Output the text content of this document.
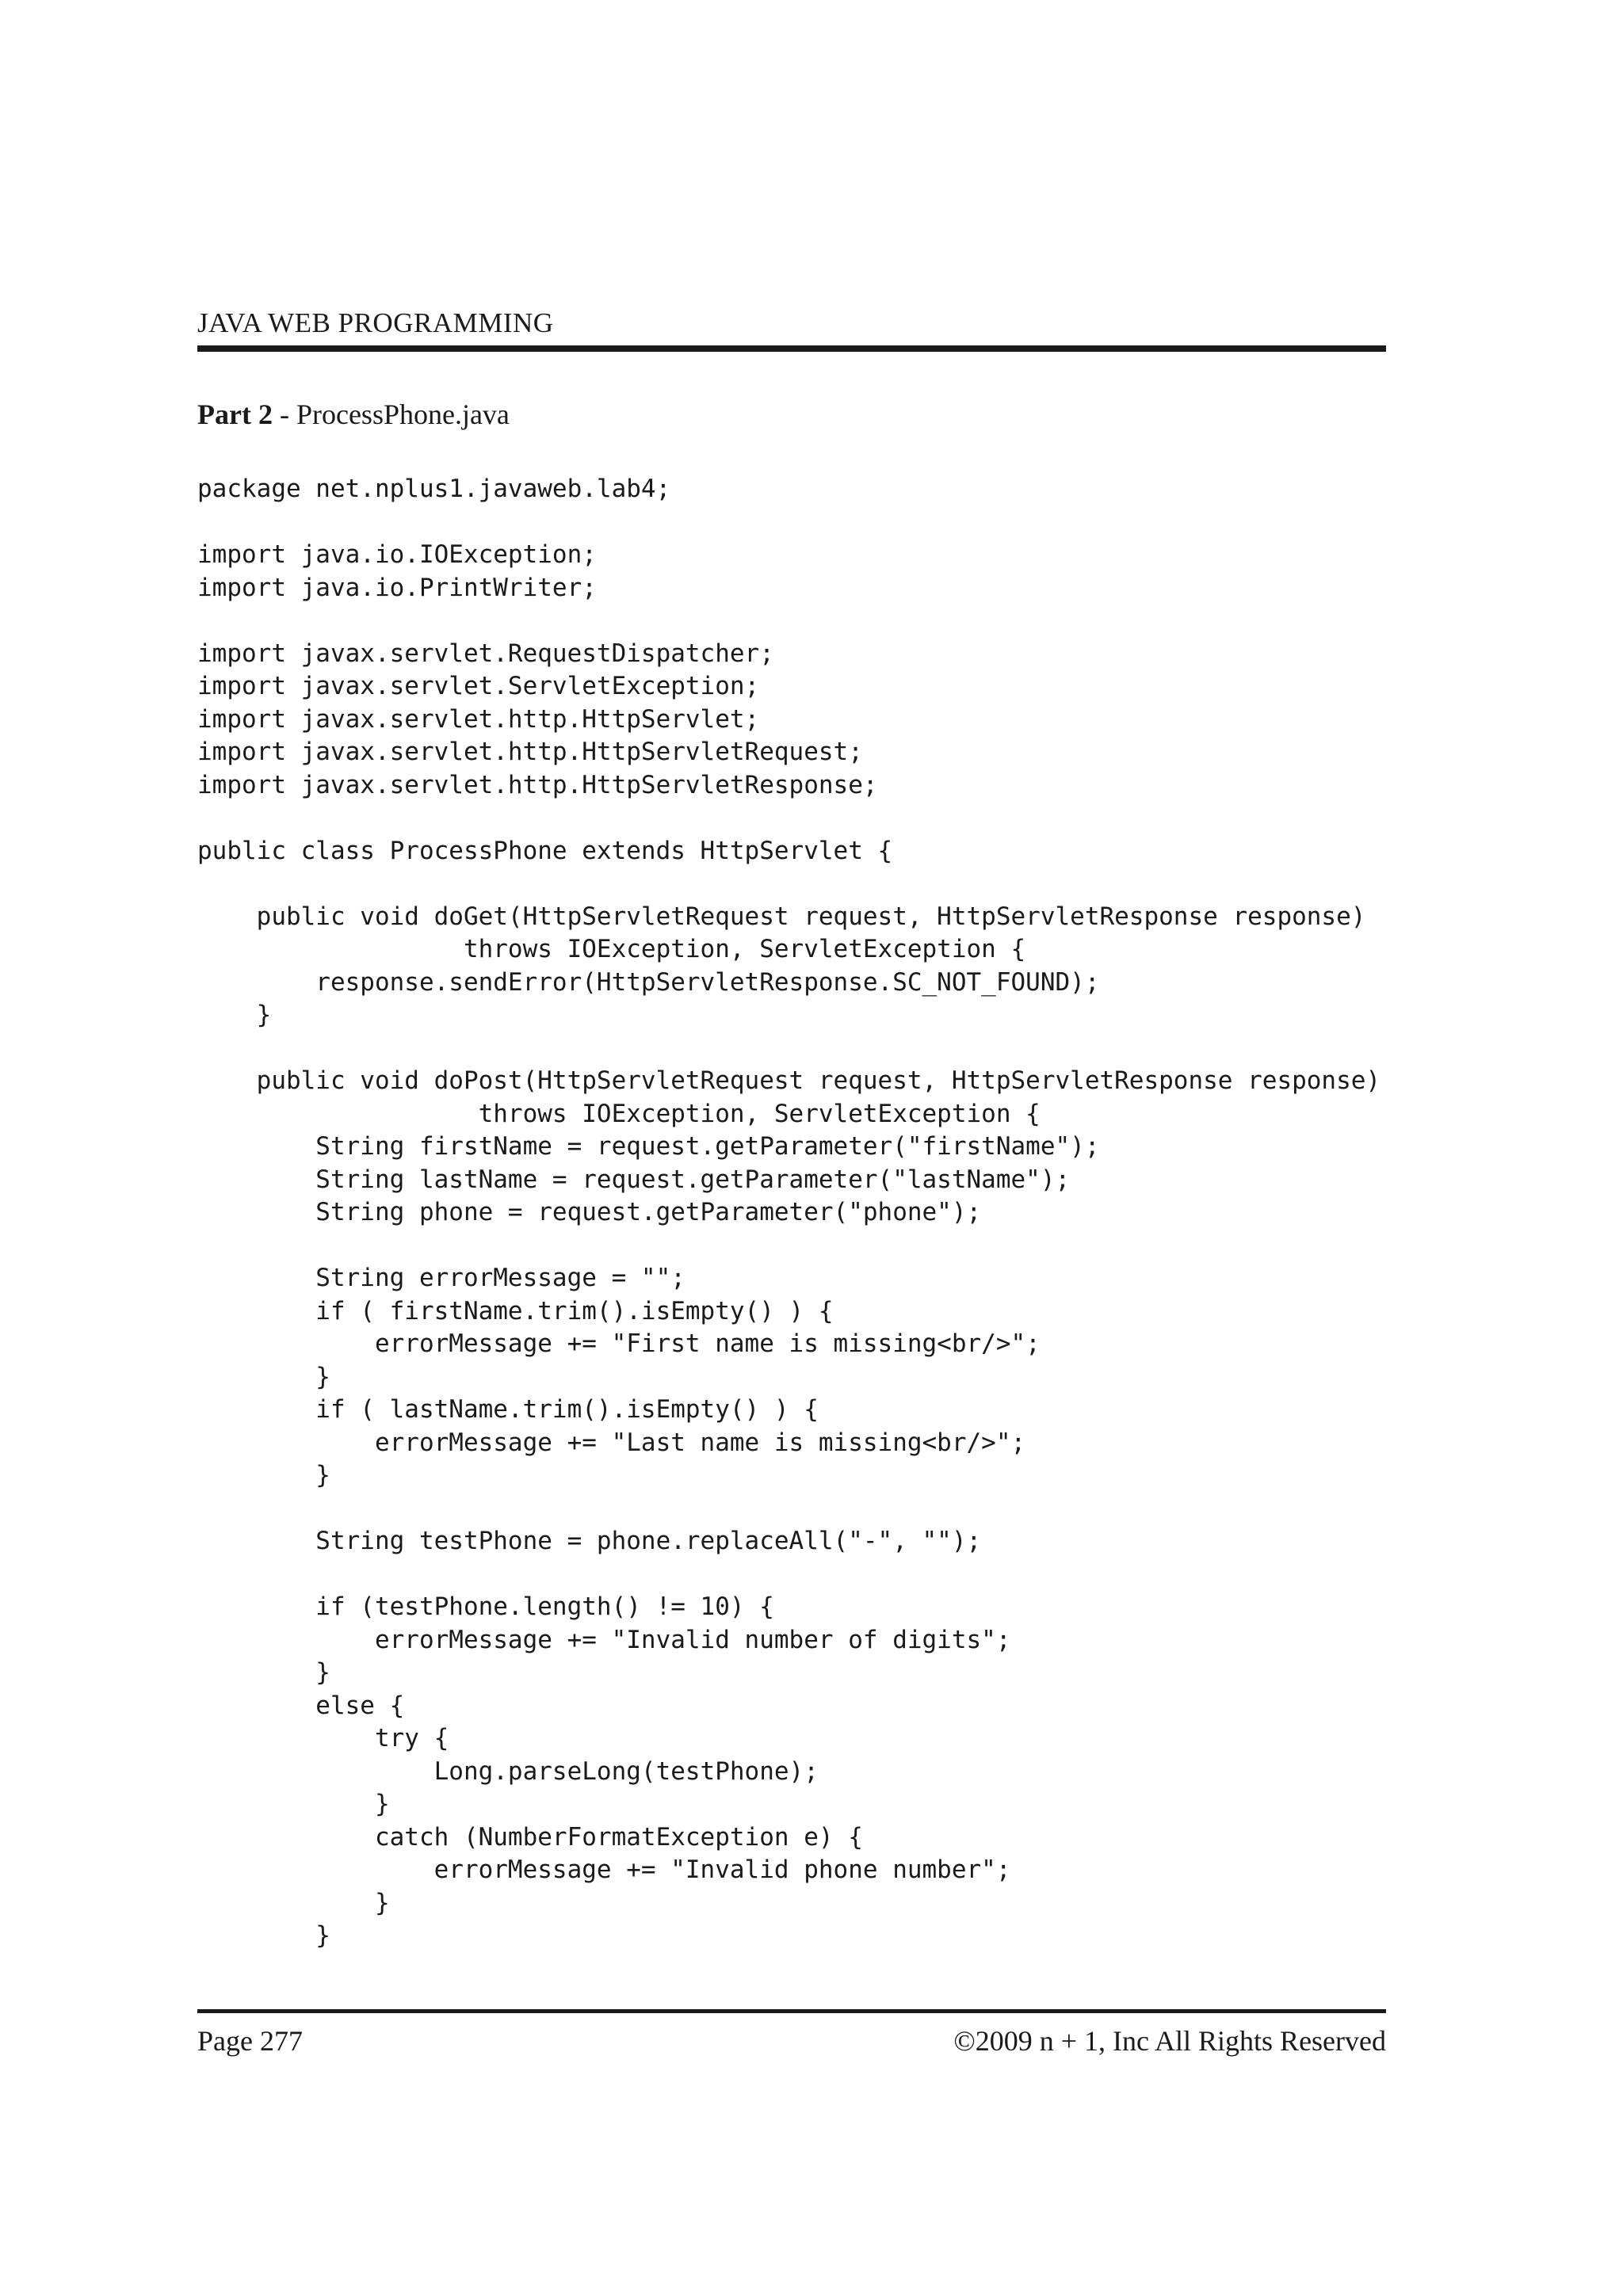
JAVA WEB PROGRAMMING
Part 2 - ProcessPhone.java
package net.nplus1.javaweb.lab4;

import java.io.IOException;
import java.io.PrintWriter;

import javax.servlet.RequestDispatcher;
import javax.servlet.ServletException;
import javax.servlet.http.HttpServlet;
import javax.servlet.http.HttpServletRequest;
import javax.servlet.http.HttpServletResponse;

public class ProcessPhone extends HttpServlet {

public void doGet(HttpServletRequest request, HttpServletResponse response)
throws IOException, ServletException {
response.sendError(HttpServletResponse.SC_NOT_FOUND);
}

public void doPost(HttpServletRequest request, HttpServletResponse response)
throws IOException, ServletException {
String firstName = request.getParameter("firstName");
String lastName = request.getParameter("lastName");
String phone = request.getParameter("phone");

String errorMessage = "";
if ( firstName.trim().isEmpty() ) {
errorMessage += "First name is missing<br/>";
}
if ( lastName.trim().isEmpty() ) {
errorMessage += "Last name is missing<br/>";
}

String testPhone = phone.replaceAll("-", "");

if (testPhone.length() != 10) {
errorMessage += "Invalid number of digits";
}
else {
try {
Long.parseLong(testPhone);
}
catch (NumberFormatException e) {
errorMessage += "Invalid phone number";
}
}
Page 277	©2009 n + 1, Inc All Rights Reserved
